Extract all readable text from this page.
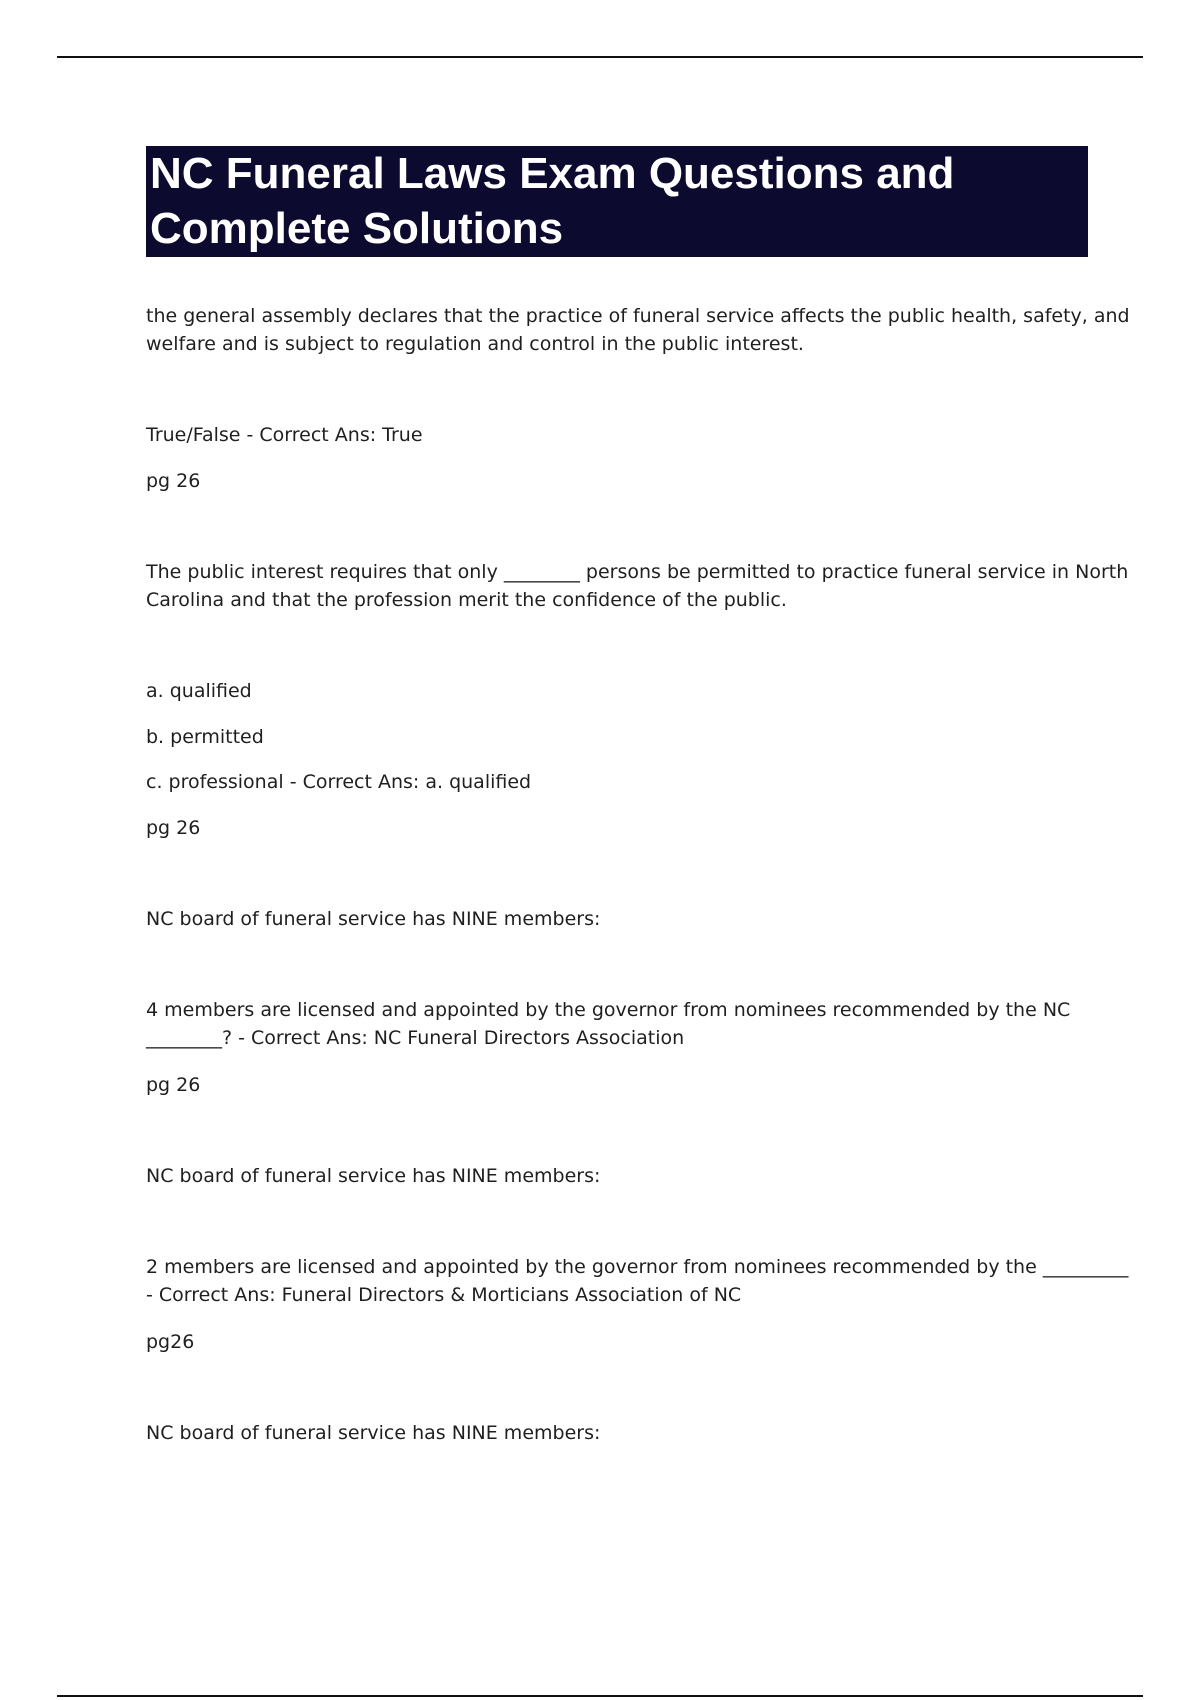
NC Funeral Laws Exam Questions and
Complete Solutions
the general assembly declares that the practice of funeral service affects the public health, safety, and
welfare and is subject to regulation and control in the public interest.
True/False - Correct Ans: True
pg 26
The public interest requires that only ________ persons be permitted to practice funeral service in North
Carolina and that the profession merit the confidence of the public.
a. qualified
b. permitted
c. professional - Correct Ans: a. qualified
pg 26
NC board of funeral service has NINE members:
4 members are licensed and appointed by the governor from nominees recommended by the NC
________? - Correct Ans: NC Funeral Directors Association
pg 26
NC board of funeral service has NINE members:
2 members are licensed and appointed by the governor from nominees recommended by the _________
- Correct Ans: Funeral Directors & Morticians Association of NC
pg26
NC board of funeral service has NINE members:
